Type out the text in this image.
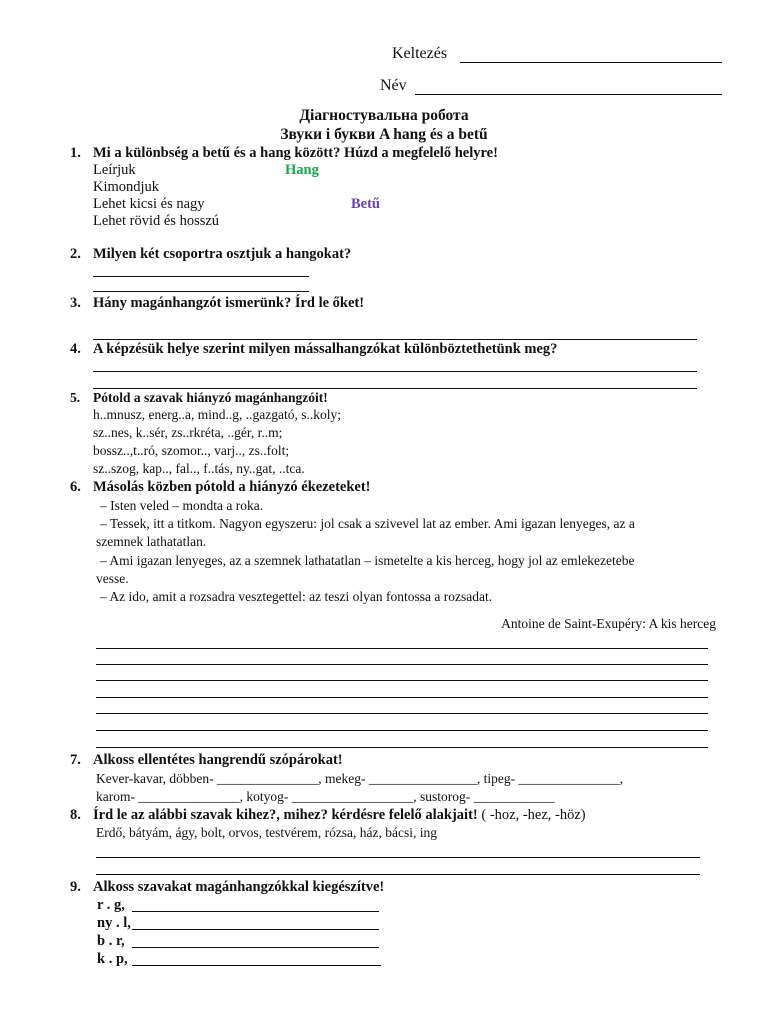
Keltezés
Név
Діагностувальна робота
Звуки і букви A hang és a betű
1. Mi a különbség a betű és a hang között? Húzd a megfelelő helyre!
Leírjuk
Kimondjuk
Lehet kicsi és nagy
Lehet rövid és hosszú
Hang
Betű
2. Milyen két csoportra osztjuk a hangokat?
3. Hány magánhangzót ismerünk? Írd le őket!
4. A képzésük helye szerint milyen mássalhangzókat különböztethetünk meg?
5. Pótold a szavak hiányzó magánhangzóit!
h..mnusz, energ..a, mind..g, ..gazgató, s..koly;
sz..nes, k..sér, zs..rkréta, ..gér, r..m;
bossz..,t..ró, szomor.., varj.., zs..folt;
sz..szog, kap.., fal.., f..tás, ny..gat, ..tca.
6. Másolás közben pótold a hiányzó ékezeteket!
– Isten veled – mondta a roka.
– Tessek, itt a titkom. Nagyon egyszeru: jol csak a szivevel lat az ember. Ami igazan lenyeges, az a
szemnek lathatatlan.
– Ami igazan lenyeges, az a szemnek lathatatlan – ismetelte a kis herceg, hogy jol az emlekezetebe
vesse.
– Az ido, amit a rozsadra vesztegettel: az teszi olyan fontossa a rozsadat.
Antoine de Saint-Exupéry: A kis herceg
7. Alkoss ellentétes hangrendű szópárokat!
Kever-kavar, döbben- _______________, mekeg- ________________, tipeg- _______________,
karom- _______________, kotyog- __________________, sustorog- ____________
8. Írd le az alábbi szavak kihez?, mihez? kérdésre felelő alakjait! ( -hoz, -hez, -höz)
Erdő, bátyám, ágy, bolt, orvos, testvérem, rózsa, ház, bácsi, ing
9. Alkoss szavakat magánhangzókkal kiegészítve!
r . g,
ny . l,
b . r,
k . p,
